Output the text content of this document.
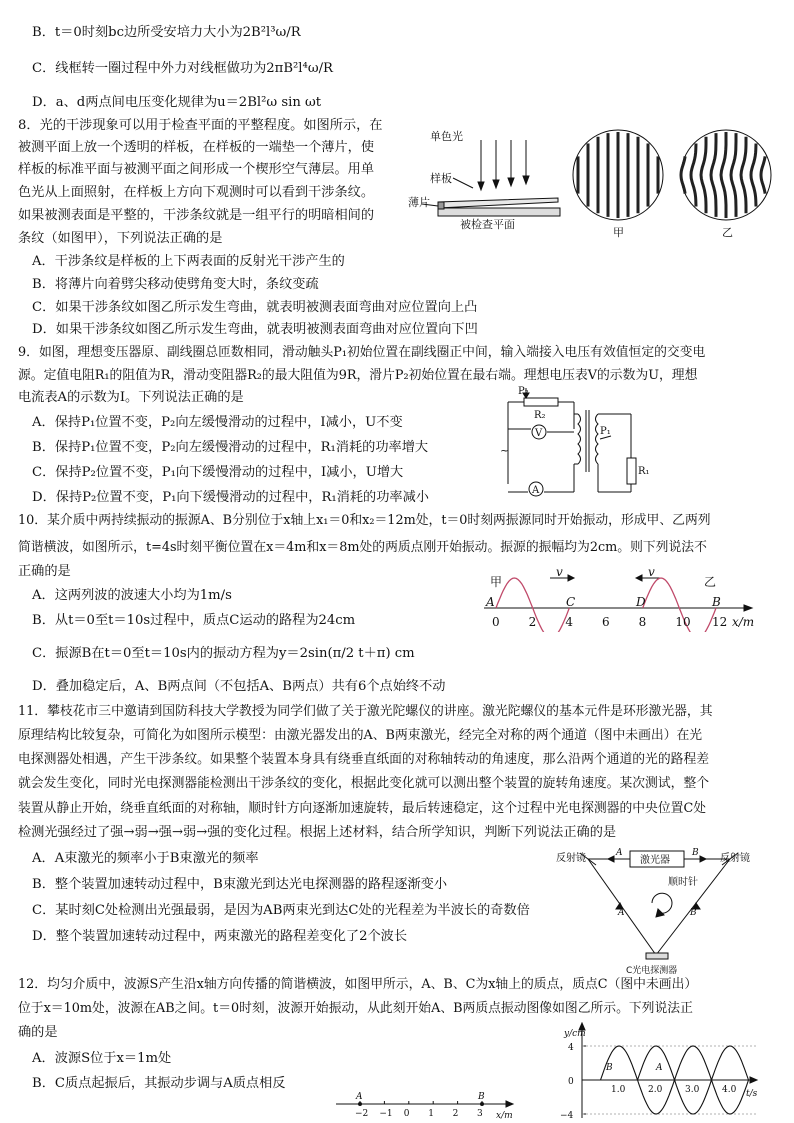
B．t＝0时刻bc边所受安培力大小为2B²l³ω/R
C．线框转一圈过程中外力对线框做功为2πB²l⁴ω/R
D．a、d两点间电压变化规律为u＝2Bl²ω sin ωt
8．光的干涉现象可以用于检查平面的平整程度。如图所示，在
被测平面上放一个透明的样板，在样板的一端垫一个薄片，使
样板的标准平面与被测平面之间形成一个楔形空气薄层。用单
色光从上面照射，在样板上方向下观测时可以看到干涉条纹。
如果被测表面是平整的，干涉条纹就是一组平行的明暗相间的
条纹（如图甲），下列说法正确的是
A．干涉条纹是样板的上下两表面的反射光干涉产生的
B．将薄片向着劈尖移动使劈角变大时，条纹变疏
C．如果干涉条纹如图乙所示发生弯曲，就表明被测表面弯曲对应位置向上凸
D．如果干涉条纹如图乙所示发生弯曲，就表明被测表面弯曲对应位置向下凹
9．如图，理想变压器原、副线圈总匝数相同，滑动触头P₁初始位置在副线圈正中间，输入端接入电压有效值恒定的交变电
源。定值电阻R₁的阻值为R，滑动变阻器R₂的最大阻值为9R，滑片P₂初始位置在最右端。理想电压表V的示数为U，理想
电流表A的示数为I。下列说法正确的是
A．保持P₁位置不变，P₂向左缓慢滑动的过程中，I减小，U不变
B．保持P₁位置不变，P₂向左缓慢滑动的过程中，R₁消耗的功率增大
C．保持P₂位置不变，P₁向下缓慢滑动的过程中，I减小，U增大
D．保持P₂位置不变，P₁向下缓慢滑动的过程中，R₁消耗的功率减小
10．某介质中两持续振动的振源A、B分别位于x轴上x₁＝0和x₂＝12m处，t＝0时刻两振源同时开始振动，形成甲、乙两列
简谐横波，如图所示，t=4s时刻平衡位置在x＝4m和x＝8m处的两质点刚开始振动。振源的振幅均为2cm。则下列说法不
正确的是
A．这两列波的波速大小均为1m/s
B．从t＝0至t＝10s过程中，质点C运动的路程为24cm
C．振源B在t＝0至t＝10s内的振动方程为y＝2sin(π/2 t＋π) cm
D．叠加稳定后，A、B两点间（不包括A、B两点）共有6个点始终不动
11．攀枝花市三中邀请到国防科技大学教授为同学们做了关于激光陀螺仪的讲座。激光陀螺仪的基本元件是环形激光器，其
原理结构比较复杂，可简化为如图所示模型：由激光器发出的A、B两束激光，经完全对称的两个通道（图中未画出）在光
电探测器处相遇，产生干涉条纹。如果整个装置本身具有绕垂直纸面的对称轴转动的角速度，那么沿两个通道的光的路程差
就会发生变化，同时光电探测器能检测出干涉条纹的变化，根据此变化就可以测出整个装置的旋转角速度。某次测试，整个
装置从静止开始，绕垂直纸面的对称轴，顺时针方向逐渐加速旋转，最后转速稳定，这个过程中光电探测器的中央位置C处
检测光强经过了强→弱→强→弱→强的变化过程。根据上述材料，结合所学知识，判断下列说法正确的是
A．A束激光的频率小于B束激光的频率
B．整个装置加速转动过程中，B束激光到达光电探测器的路程逐渐变小
C．某时刻C处检测出光强最弱，是因为AB两束光到达C处的光程差为半波长的奇数倍
D．整个装置加速转动过程中，两束激光的路程差变化了2个波长
12．均匀介质中，波源S产生沿x轴方向传播的简谐横波，如图甲所示，A、B、C为x轴上的质点，质点C（图中未画出）
位于x＝10m处，波源在AB之间。t＝0时刻，波源开始振动，从此刻开始A、B两质点振动图像如图乙所示。下列说法正
确的是
A．波源S位于x＝1m处
B．C质点起振后，其振动步调与A质点相反
单色光
样板
薄片
被检查平面
甲	乙
P₂
R₂
V
~
P₁
R₁
A
甲	乙
v	v
A	C	D	B
0 2 4 6 8 10 12 x/m
反射镜	反射镜
激光器
顺时针
A	B
A	B
C光电探测器
−2 −1 0 1 2 3
A	B
x/m
y/cm
4
0
−4
1.0	2.0	3.0	4.0 t/s
B	A
